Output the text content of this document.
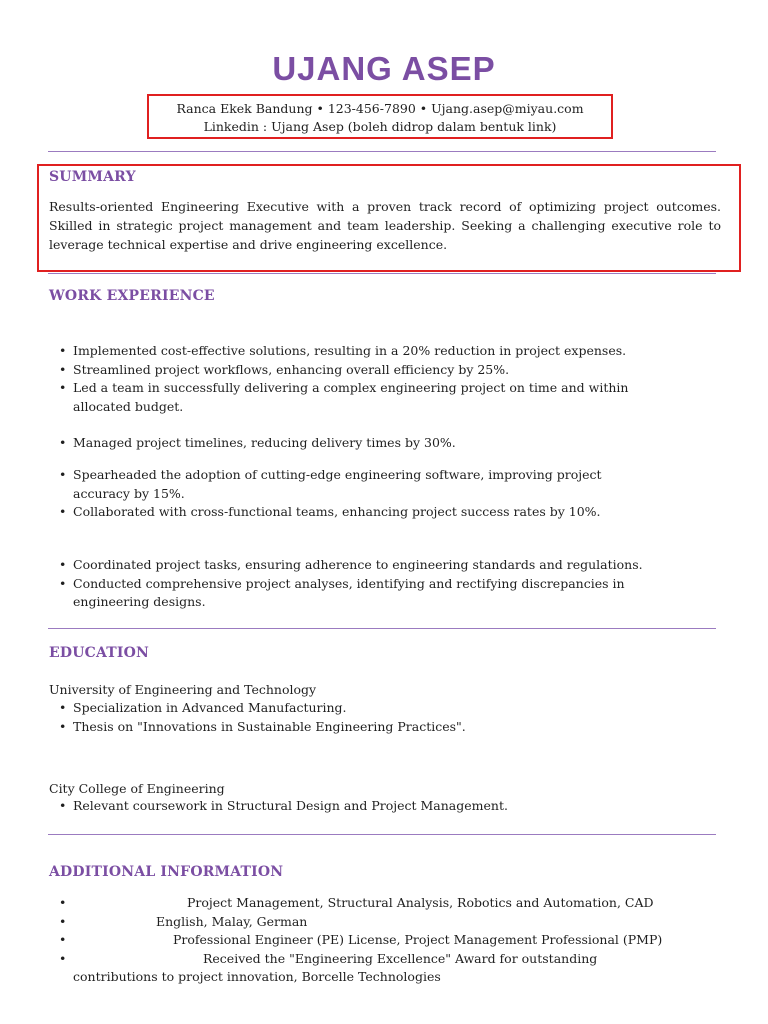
UJANG ASEP
Ranca Ekek Bandung • 123-456-7890 • Ujang.asep@miyau.com
Linkedin : Ujang Asep (boleh didrop dalam bentuk link)
SUMMARY
Results-oriented Engineering Executive with a proven track record of optimizing project outcomes. Skilled in strategic project management and team leadership. Seeking a challenging executive role to leverage technical expertise and drive engineering excellence.
WORK EXPERIENCE
• Implemented cost-effective solutions, resulting in a 20% reduction in project expenses.
• Streamlined project workflows, enhancing overall efficiency by 25%.
• Led a team in successfully delivering a complex engineering project on time and within allocated budget.
• Managed project timelines, reducing delivery times by 30%.
• Spearheaded the adoption of cutting-edge engineering software, improving project accuracy by 15%.
• Collaborated with cross-functional teams, enhancing project success rates by 10%.
• Coordinated project tasks, ensuring adherence to engineering standards and regulations.
• Conducted comprehensive project analyses, identifying and rectifying discrepancies in engineering designs.
EDUCATION
University of Engineering and Technology
• Specialization in Advanced Manufacturing.
• Thesis on "Innovations in Sustainable Engineering Practices".
City College of Engineering
• Relevant coursework in Structural Design and Project Management.
ADDITIONAL INFORMATION
• Project Management, Structural Analysis, Robotics and Automation, CAD
• English, Malay, German
• Professional Engineer (PE) License, Project Management Professional (PMP)
• Received the "Engineering Excellence" Award for outstanding contributions to project innovation, Borcelle Technologies
